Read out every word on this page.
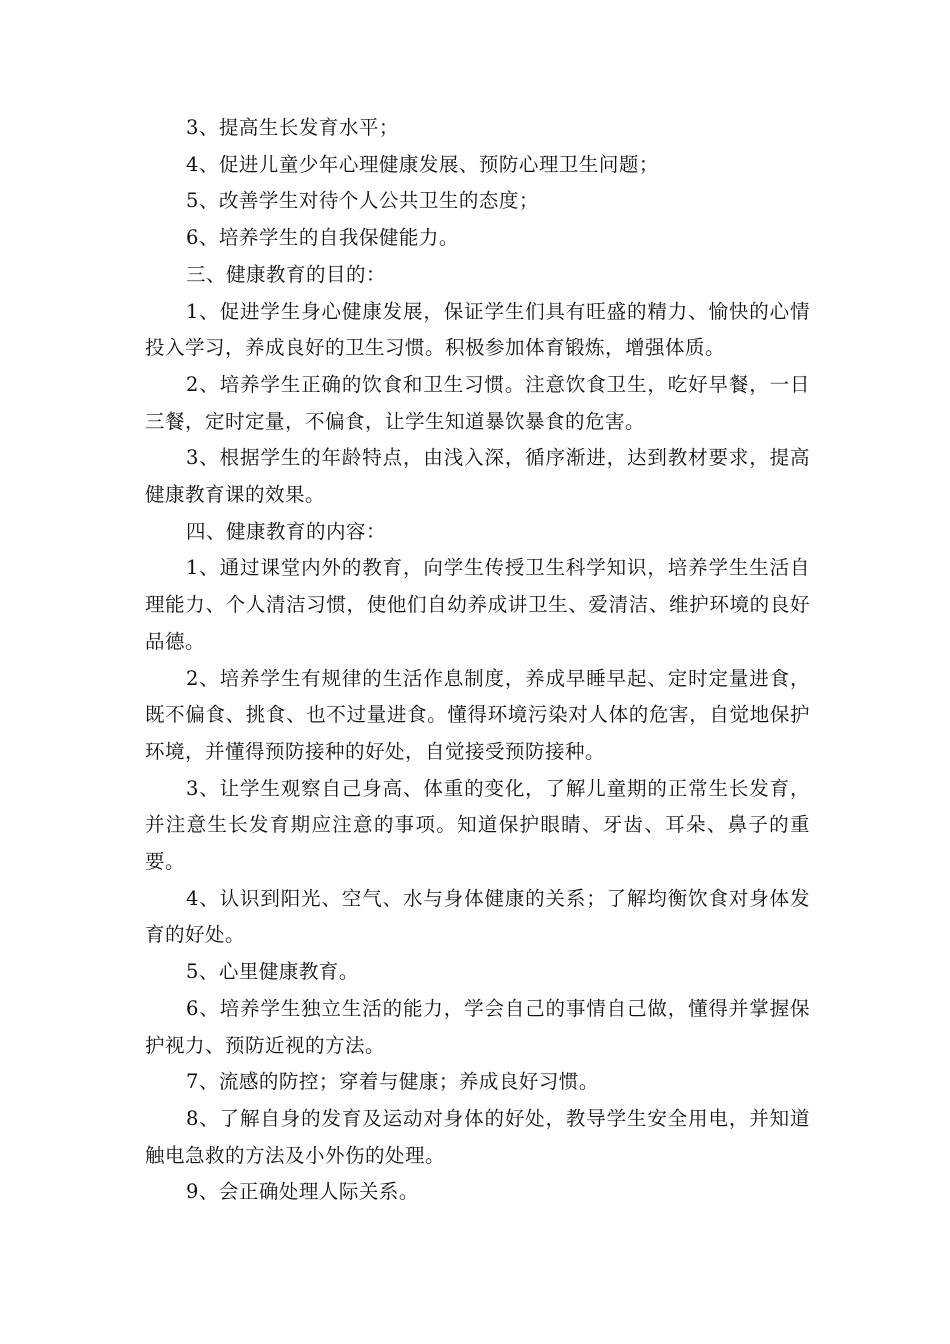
3、提高生长发育水平；

4、促进儿童少年心理健康发展、预防心理卫生问题；

5、改善学生对待个人公共卫生的态度；

6、培养学生的自我保健能力。

三、健康教育的目的：

1、促进学生身心健康发展，保证学生们具有旺盛的精力、愉快的心情投入学习，养成良好的卫生习惯。积极参加体育锻炼，增强体质。

2、培养学生正确的饮食和卫生习惯。注意饮食卫生，吃好早餐，一日三餐，定时定量，不偏食，让学生知道暴饮暴食的危害。

3、根据学生的年龄特点，由浅入深，循序渐进，达到教材要求，提高健康教育课的效果。

四、健康教育的内容：

1、通过课堂内外的教育，向学生传授卫生科学知识，培养学生生活自理能力、个人清洁习惯，使他们自幼养成讲卫生、爱清洁、维护环境的良好品德。

2、培养学生有规律的生活作息制度，养成早睡早起、定时定量进食，既不偏食、挑食、也不过量进食。懂得环境污染对人体的危害，自觉地保护环境，并懂得预防接种的好处，自觉接受预防接种。

3、让学生观察自己身高、体重的变化，了解儿童期的正常生长发育，并注意生长发育期应注意的事项。知道保护眼睛、牙齿、耳朵、鼻子的重要。

4、认识到阳光、空气、水与身体健康的关系；了解均衡饮食对身体发育的好处。

5、心里健康教育。

6、培养学生独立生活的能力，学会自己的事情自己做，懂得并掌握保护视力、预防近视的方法。

7、流感的防控；穿着与健康；养成良好习惯。

8、了解自身的发育及运动对身体的好处，教导学生安全用电，并知道触电急救的方法及小外伤的处理。

9、会正确处理人际关系。
